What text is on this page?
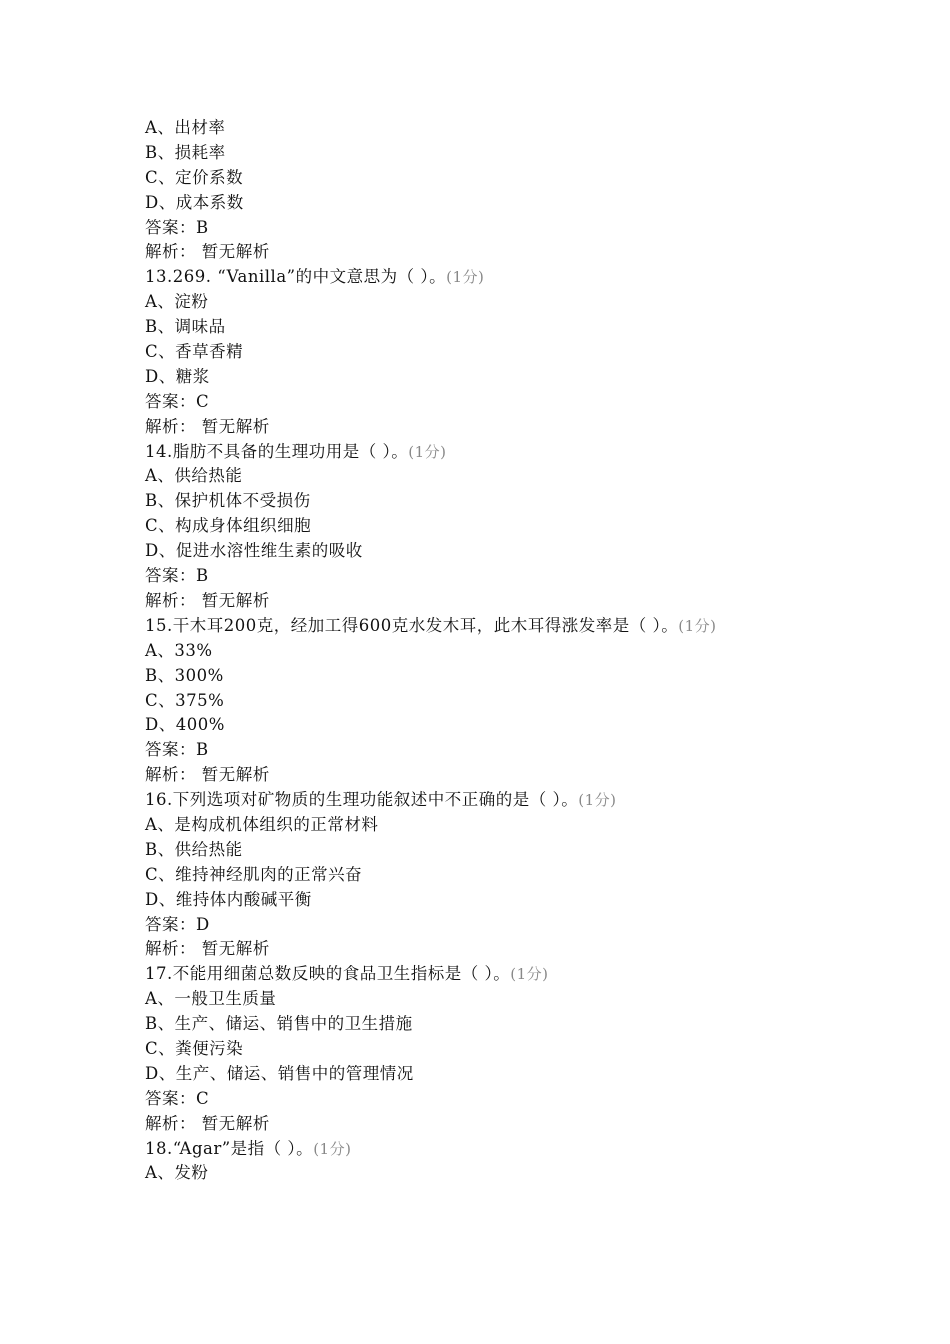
A、出材率
B、损耗率
C、定价系数
D、成本系数
答案：B
解析： 暂无解析
13.269. “Vanilla”的中文意思为（ ）。(1分)
A、淀粉
B、调味品
C、香草香精
D、糖浆
答案：C
解析： 暂无解析
14.脂肪不具备的生理功用是（ ）。(1分)
A、供给热能
B、保护机体不受损伤
C、构成身体组织细胞
D、促进水溶性维生素的吸收
答案：B
解析： 暂无解析
15.干木耳200克，经加工得600克水发木耳，此木耳得涨发率是（ ）。(1分)
A、33%
B、300%
C、375%
D、400%
答案：B
解析： 暂无解析
16.下列选项对矿物质的生理功能叙述中不正确的是（ ）。(1分)
A、是构成机体组织的正常材料
B、供给热能
C、维持神经肌肉的正常兴奋
D、维持体内酸碱平衡
答案：D
解析： 暂无解析
17.不能用细菌总数反映的食品卫生指标是（ ）。(1分)
A、一般卫生质量
B、生产、储运、销售中的卫生措施
C、粪便污染
D、生产、储运、销售中的管理情况
答案：C
解析： 暂无解析
18.“Agar”是指（ ）。(1分)
A、发粉
